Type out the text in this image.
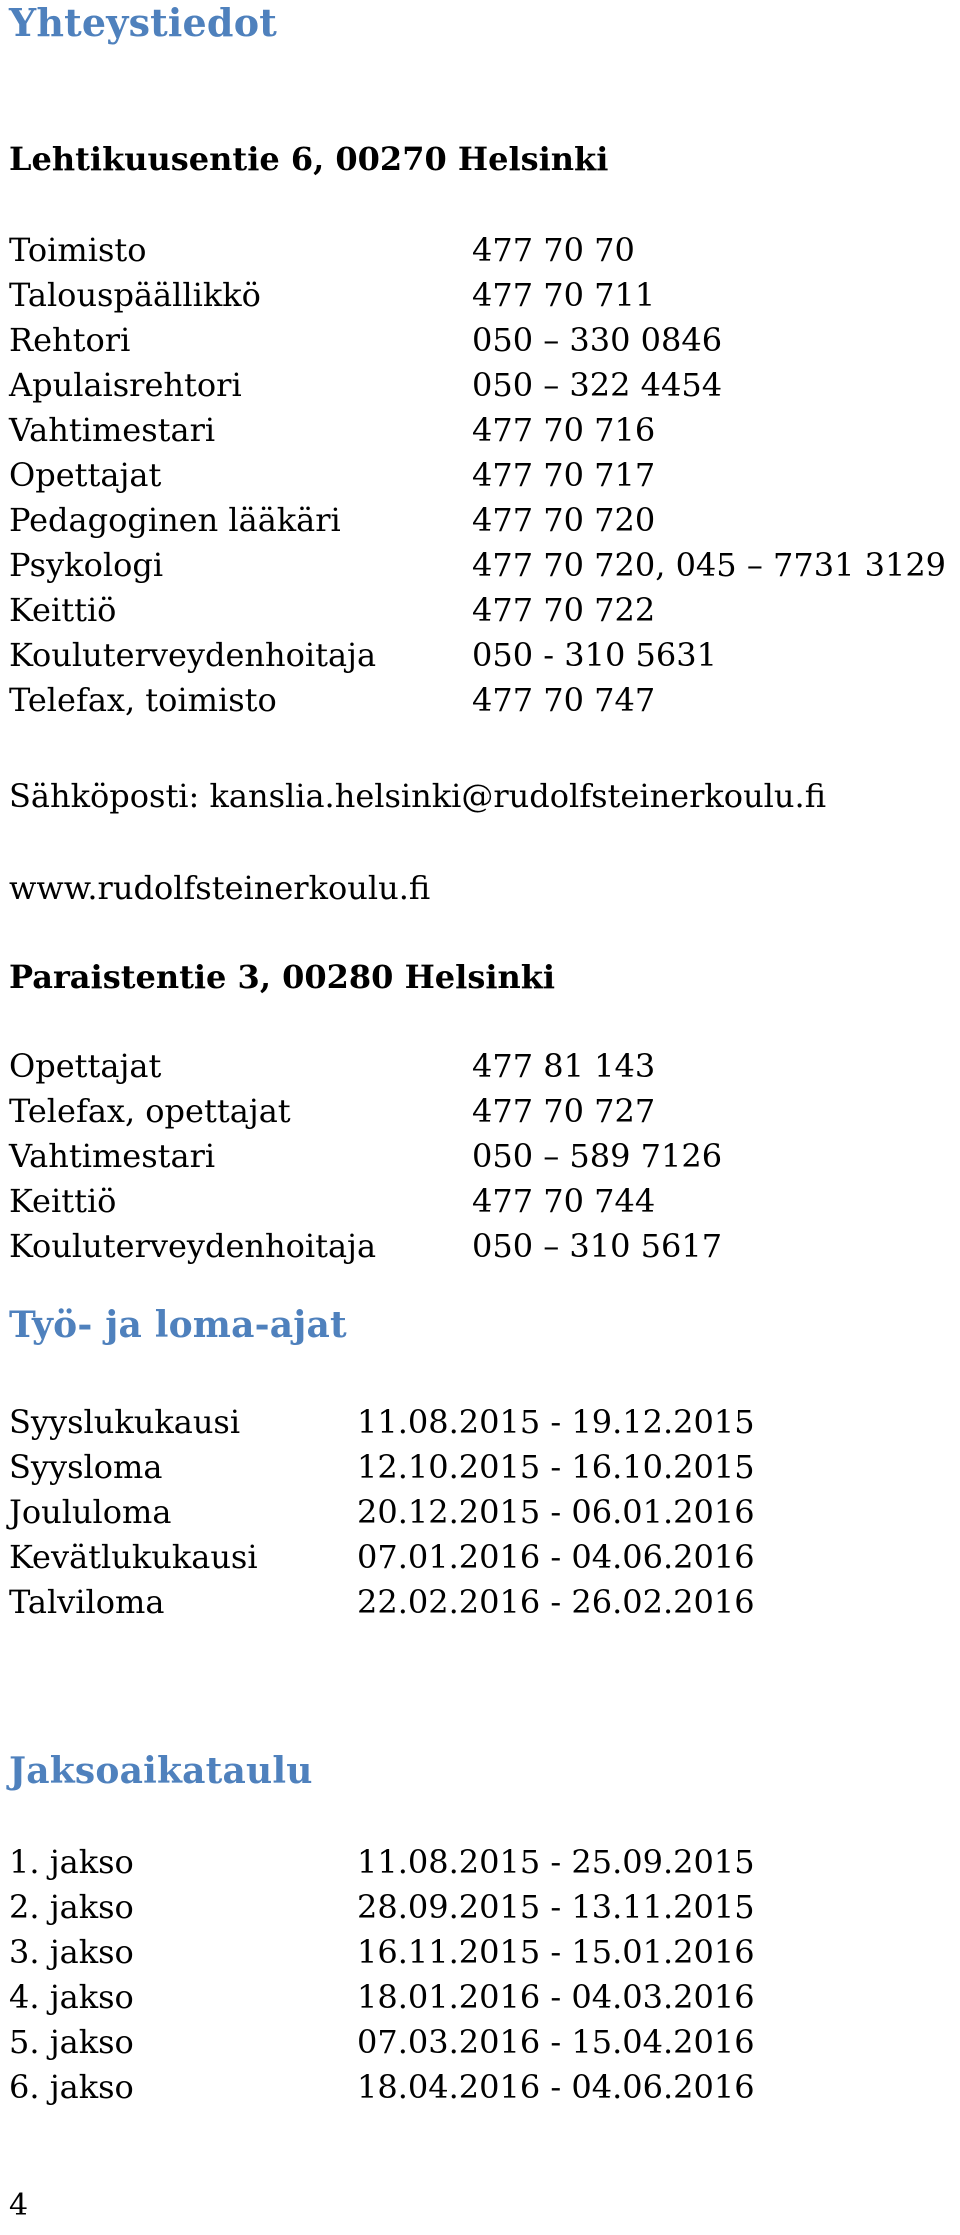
Yhteystiedot
Lehtikuusentie 6, 00270 Helsinki
Toimisto	477 70 70
Talouspäällikkö	477 70 711
Rehtori	050 – 330 0846
Apulaisrehtori	050 – 322 4454
Vahtimestari	477 70 716
Opettajat	477 70 717
Pedagoginen lääkäri	477 70 720
Psykologi	477 70 720, 045 – 7731 3129
Keittiö	477 70 722
Kouluterveydenhoitaja	050 - 310 5631
Telefax, toimisto	477 70 747
Sähköposti: kanslia.helsinki@rudolfsteinerkoulu.fi
www.rudolfsteinerkoulu.fi
Paraistentie 3, 00280 Helsinki
Opettajat	477 81 143
Telefax, opettajat	477 70 727
Vahtimestari	050 – 589 7126
Keittiö	477 70 744
Kouluterveydenhoitaja	050 – 310 5617
Työ- ja loma-ajat
Syyslukukausi	11.08.2015 - 19.12.2015
Syysloma	12.10.2015 - 16.10.2015
Joululoma	20.12.2015 - 06.01.2016
Kevätlukukausi	07.01.2016 - 04.06.2016
Talviloma	22.02.2016 - 26.02.2016
Jaksoaikataulu
1. jakso	11.08.2015 - 25.09.2015
2. jakso	28.09.2015 - 13.11.2015
3. jakso	16.11.2015 - 15.01.2016
4. jakso	18.01.2016 - 04.03.2016
5. jakso	07.03.2016 - 15.04.2016
6. jakso	18.04.2016 - 04.06.2016
4
